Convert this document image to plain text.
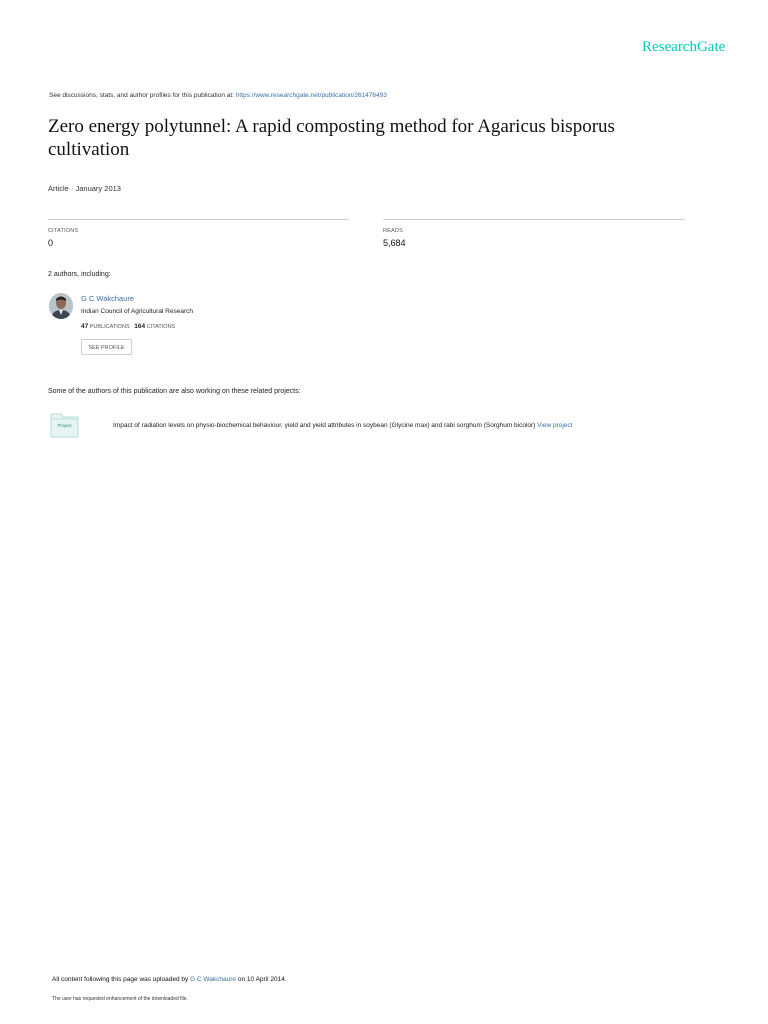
ResearchGate
See discussions, stats, and author profiles for this publication at: https://www.researchgate.net/publication/261476493
Zero energy polytunnel: A rapid composting method for Agaricus bisporus cultivation
Article · January 2013
CITATIONS
0
READS
5,684
2 authors, including:
G C Wakchaure
Indian Council of Agricultural Research
47 PUBLICATIONS 164 CITATIONS
SEE PROFILE
Some of the authors of this publication are also working on these related projects:
Project	Impact of radiation levels on physio-biochemical behaviour, yield and yield attributes in soybean (Glycine max) and rabi sorghum (Sorghum bicolor) View project
All content following this page was uploaded by G C Wakchaure on 10 April 2014.
The user has requested enhancement of the downloaded file.
